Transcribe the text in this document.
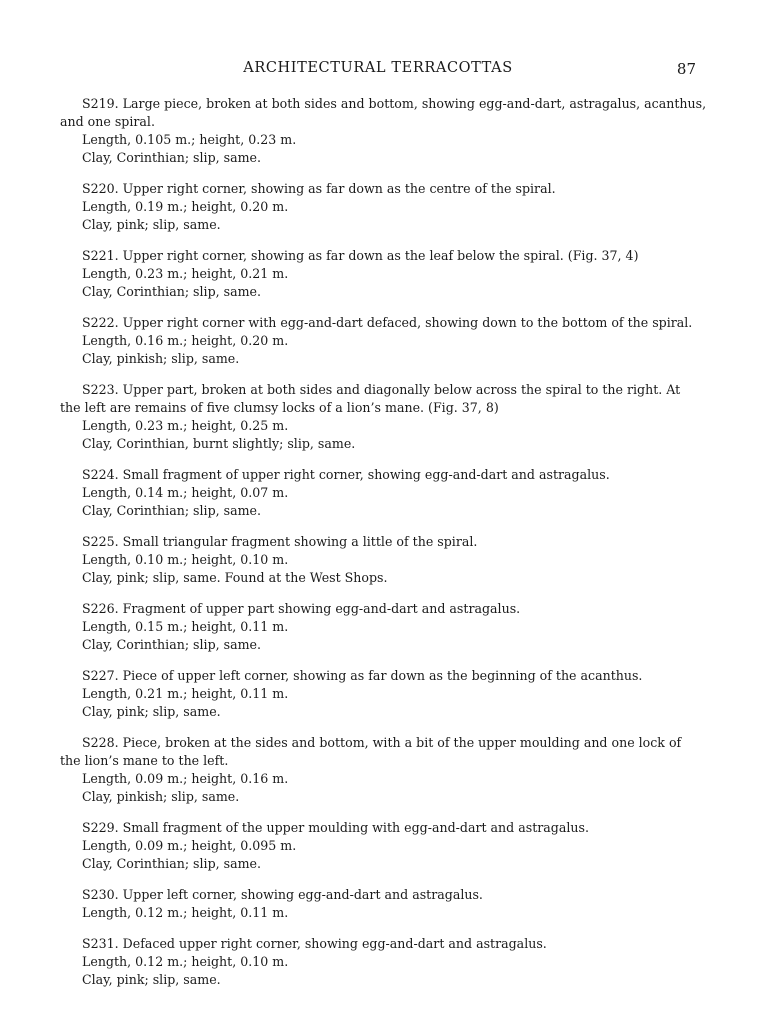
ARCHITECTURAL TERRACOTTAS	87
S219. Large piece, broken at both sides and bottom, showing egg-and-dart, astragalus, acanthus,
and one spiral.
Length, 0.105 m.; height, 0.23 m.
Clay, Corinthian; slip, same.
S220. Upper right corner, showing as far down as the centre of the spiral.
Length, 0.19 m.; height, 0.20 m.
Clay, pink; slip, same.
S221. Upper right corner, showing as far down as the leaf below the spiral. (Fig. 37, 4)
Length, 0.23 m.; height, 0.21 m.
Clay, Corinthian; slip, same.
S222. Upper right corner with egg-and-dart defaced, showing down to the bottom of the spiral.
Length, 0.16 m.; height, 0.20 m.
Clay, pinkish; slip, same.
S223. Upper part, broken at both sides and diagonally below across the spiral to the right. At
the left are remains of five clumsy locks of a lion’s mane. (Fig. 37, 8)
Length, 0.23 m.; height, 0.25 m.
Clay, Corinthian, burnt slightly; slip, same.
S224. Small fragment of upper right corner, showing egg-and-dart and astragalus.
Length, 0.14 m.; height, 0.07 m.
Clay, Corinthian; slip, same.
S225. Small triangular fragment showing a little of the spiral.
Length, 0.10 m.; height, 0.10 m.
Clay, pink; slip, same. Found at the West Shops.
S226. Fragment of upper part showing egg-and-dart and astragalus.
Length, 0.15 m.; height, 0.11 m.
Clay, Corinthian; slip, same.
S227. Piece of upper left corner, showing as far down as the beginning of the acanthus.
Length, 0.21 m.; height, 0.11 m.
Clay, pink; slip, same.
S228. Piece, broken at the sides and bottom, with a bit of the upper moulding and one lock of
the lion’s mane to the left.
Length, 0.09 m.; height, 0.16 m.
Clay, pinkish; slip, same.
S229. Small fragment of the upper moulding with egg-and-dart and astragalus.
Length, 0.09 m.; height, 0.095 m.
Clay, Corinthian; slip, same.
S230. Upper left corner, showing egg-and-dart and astragalus.
Length, 0.12 m.; height, 0.11 m.
S231. Defaced upper right corner, showing egg-and-dart and astragalus.
Length, 0.12 m.; height, 0.10 m.
Clay, pink; slip, same.
